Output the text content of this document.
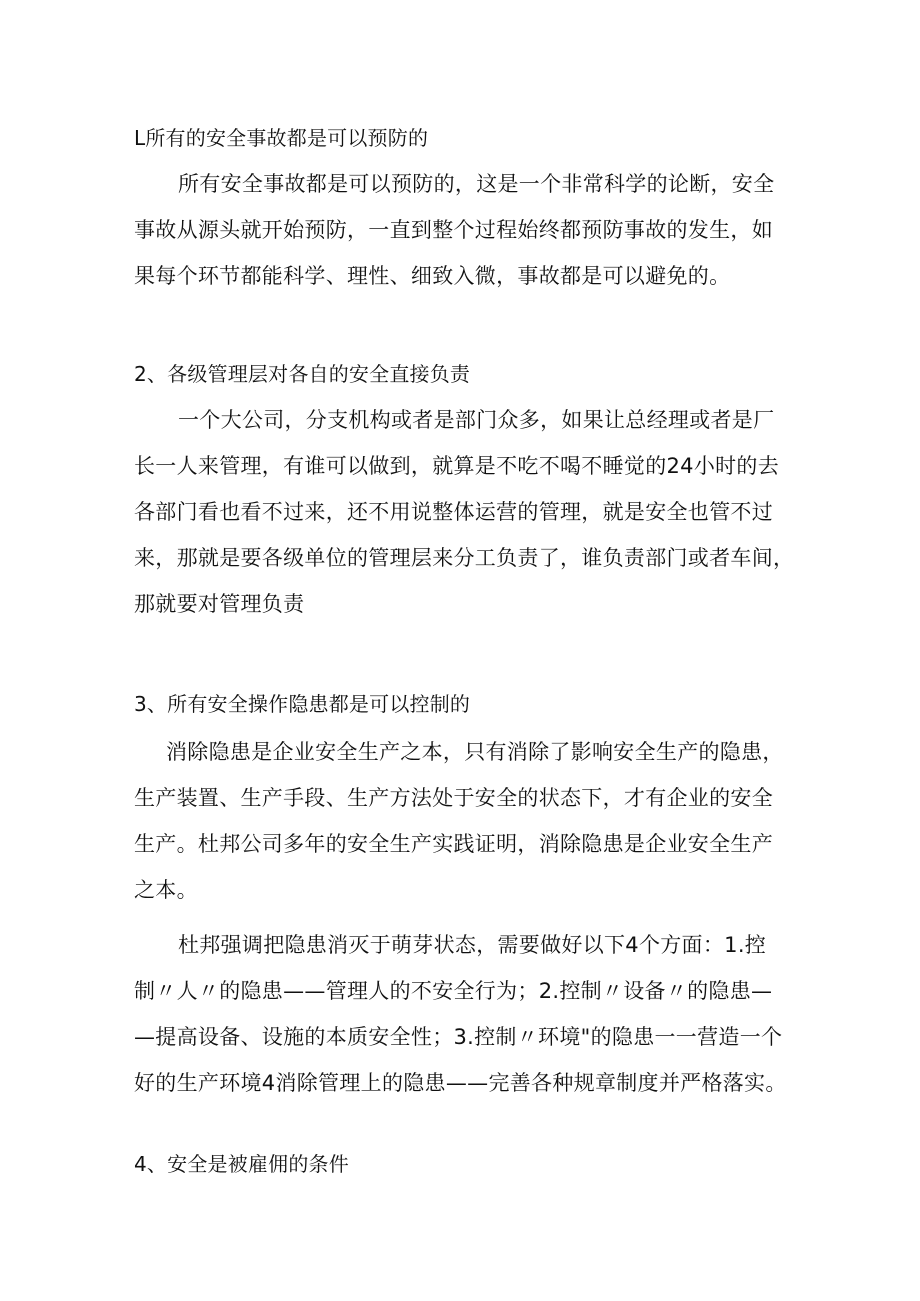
L所有的安全事故都是可以预防的
所有安全事故都是可以预防的，这是一个非常科学的论断，安全
事故从源头就开始预防，一直到整个过程始终都预防事故的发生，如
果每个环节都能科学、理性、细致入微，事故都是可以避免的。
2、各级管理层对各自的安全直接负责
一个大公司，分支机构或者是部门众多，如果让总经理或者是厂
长一人来管理，有谁可以做到，就算是不吃不喝不睡觉的24小时的去
各部门看也看不过来，还不用说整体运营的管理，就是安全也管不过
来，那就是要各级单位的管理层来分工负责了，谁负责部门或者车间，
那就要对管理负责
3、所有安全操作隐患都是可以控制的
消除隐患是企业安全生产之本，只有消除了影响安全生产的隐患，
生产装置、生产手段、生产方法处于安全的状态下，才有企业的安全
生产。杜邦公司多年的安全生产实践证明，消除隐患是企业安全生产
之本。
杜邦强调把隐患消灭于萌芽状态，需要做好以下4个方面：1.控
制〃人〃的隐患——管理人的不安全行为；2.控制〃设备〃的隐患—
—提高设备、设施的本质安全性；3.控制〃环境"的隐患一一营造一个
好的生产环境4消除管理上的隐患——完善各种规章制度并严格落实。
4、安全是被雇佣的条件
